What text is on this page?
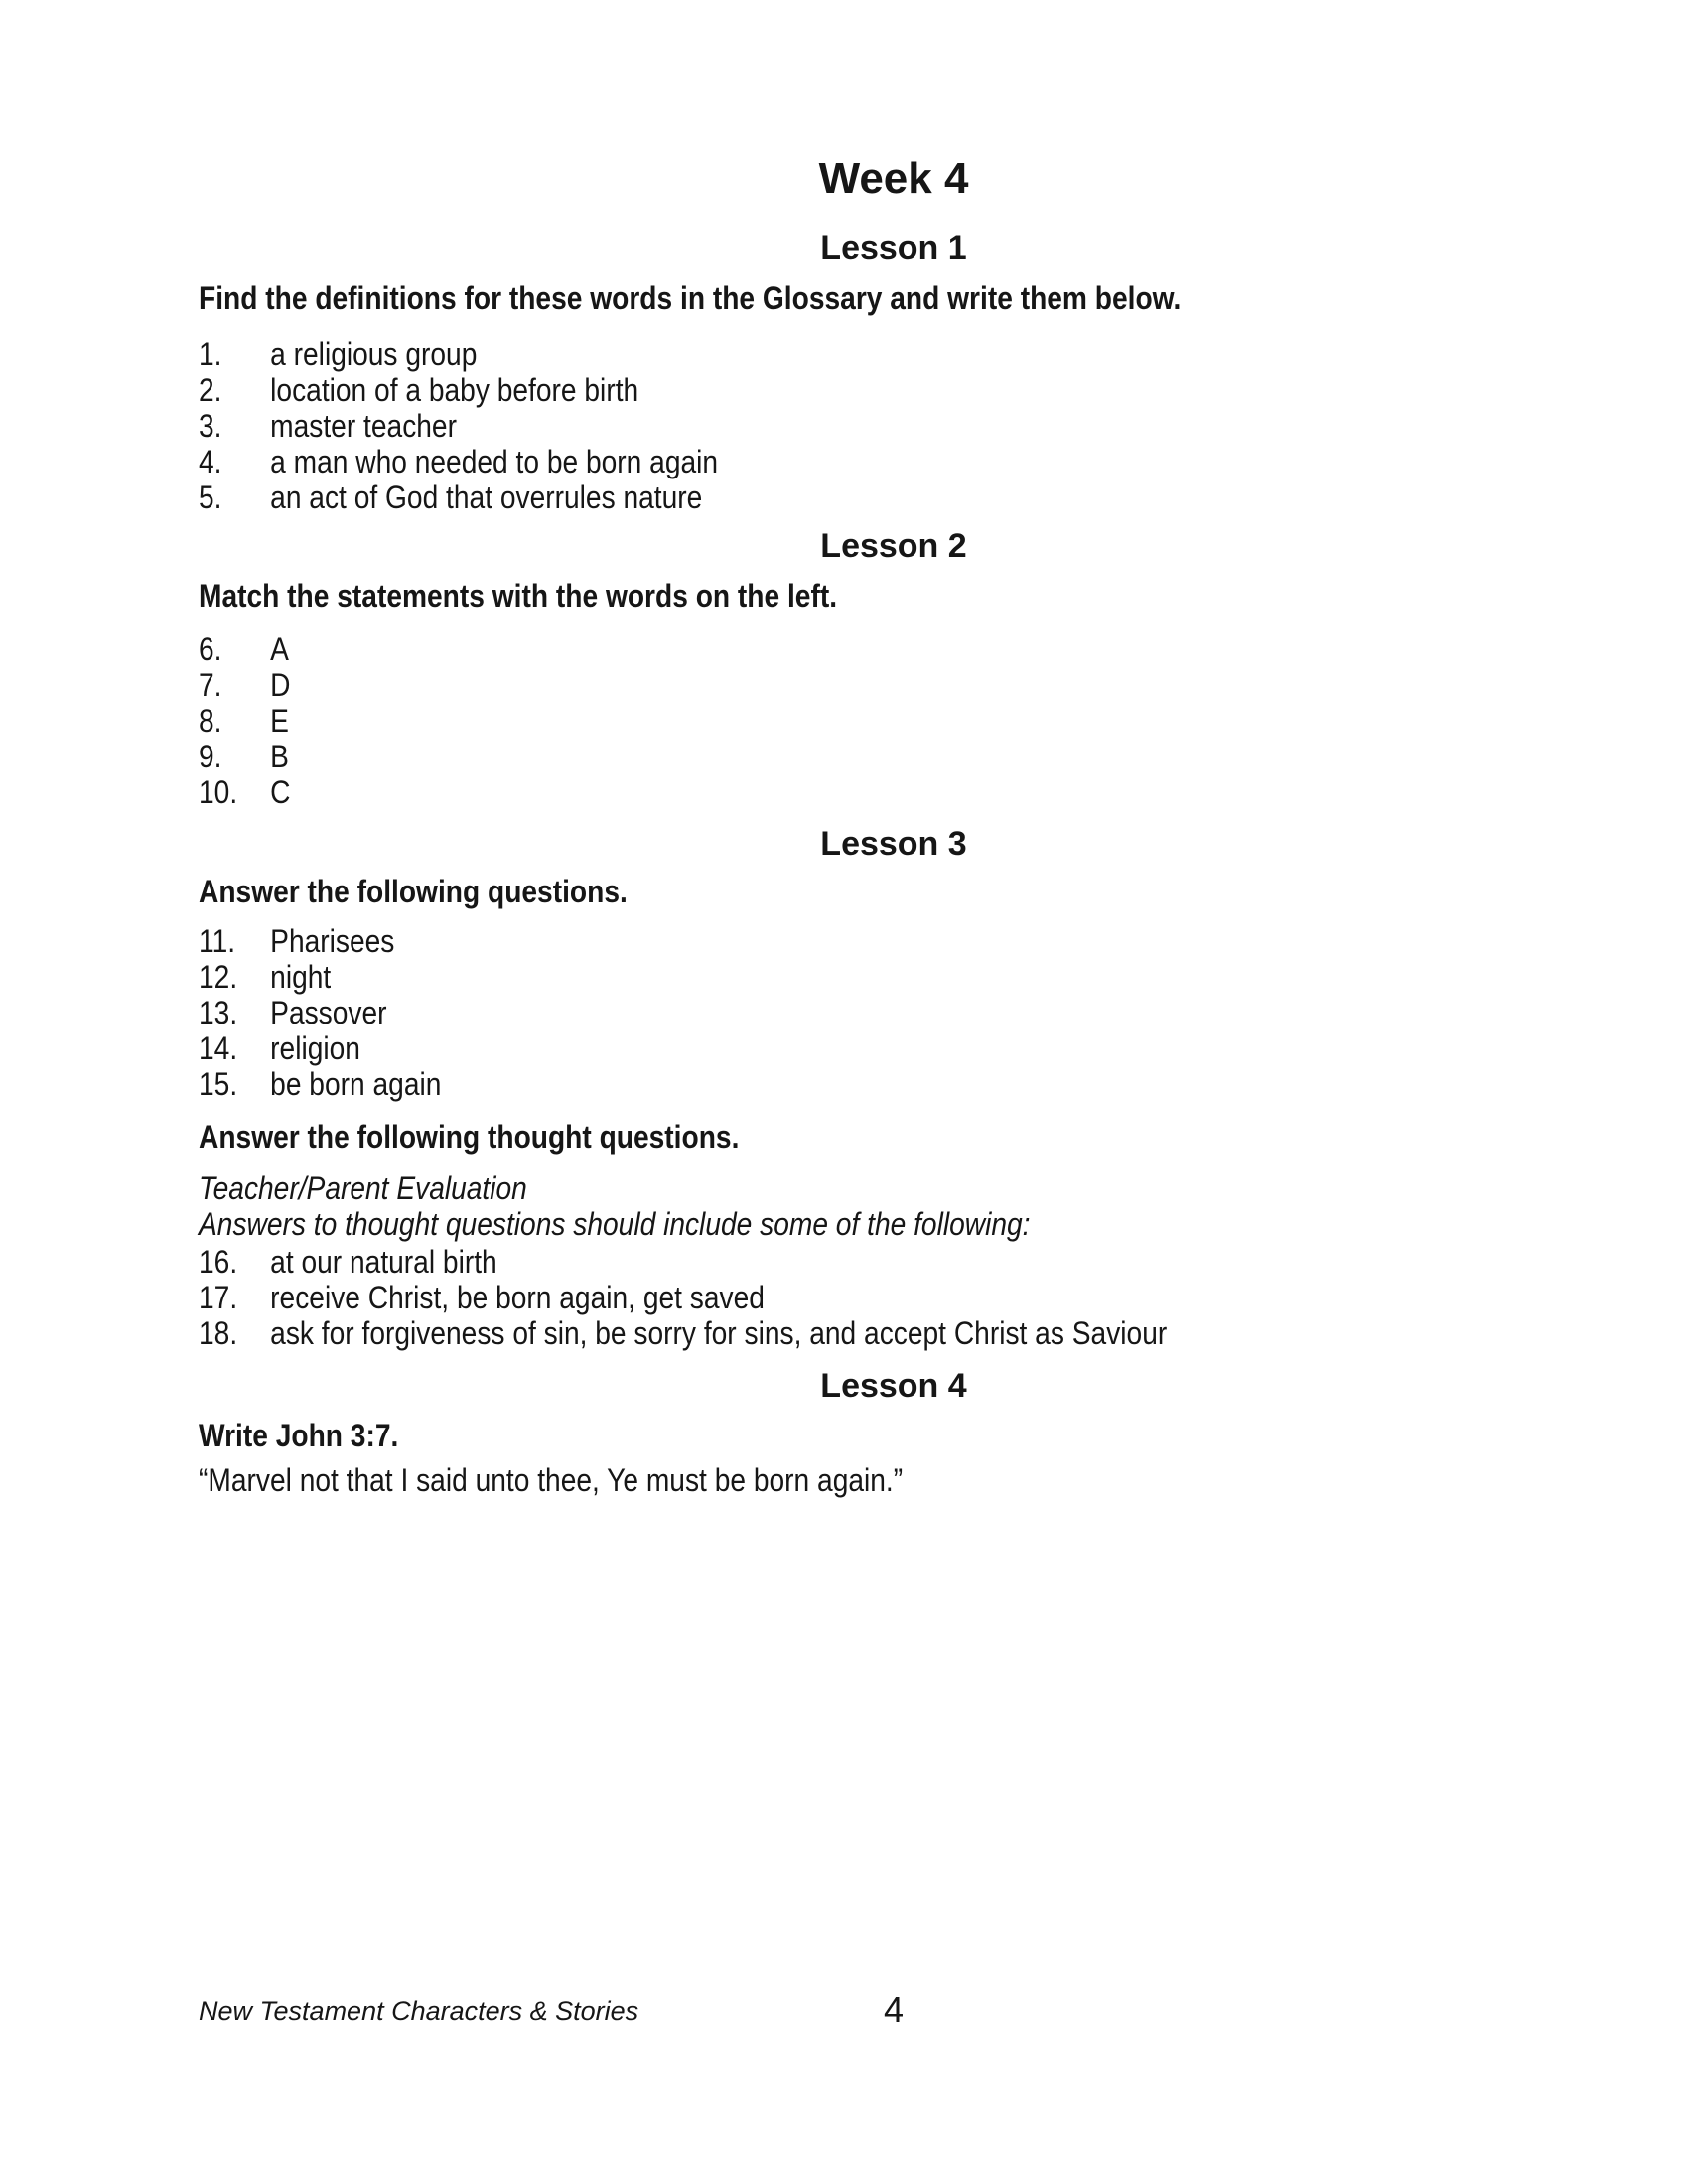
Week 4
Lesson 1
Find the definitions for these words in the Glossary and write them below.
1.	a religious group
2.	location of a baby before birth
3.	master teacher
4.	a man who needed to be born again
5.	an act of God that overrules nature
Lesson 2
Match the statements with the words on the left.
6.	A
7.	D
8.	E
9.	B
10.	C
Lesson 3
Answer the following questions.
11.	Pharisees
12.	night
13.	Passover
14.	religion
15.	be born again
Answer the following thought questions.
Teacher/Parent Evaluation
Answers to thought questions should include some of the following:
16.	at our natural birth
17.	receive Christ, be born again, get saved
18.	ask for forgiveness of sin, be sorry for sins, and accept Christ as Saviour
Lesson 4
Write John 3:7.
“Marvel not that I said unto thee, Ye must be born again.”
New Testament Characters & Stories	4
